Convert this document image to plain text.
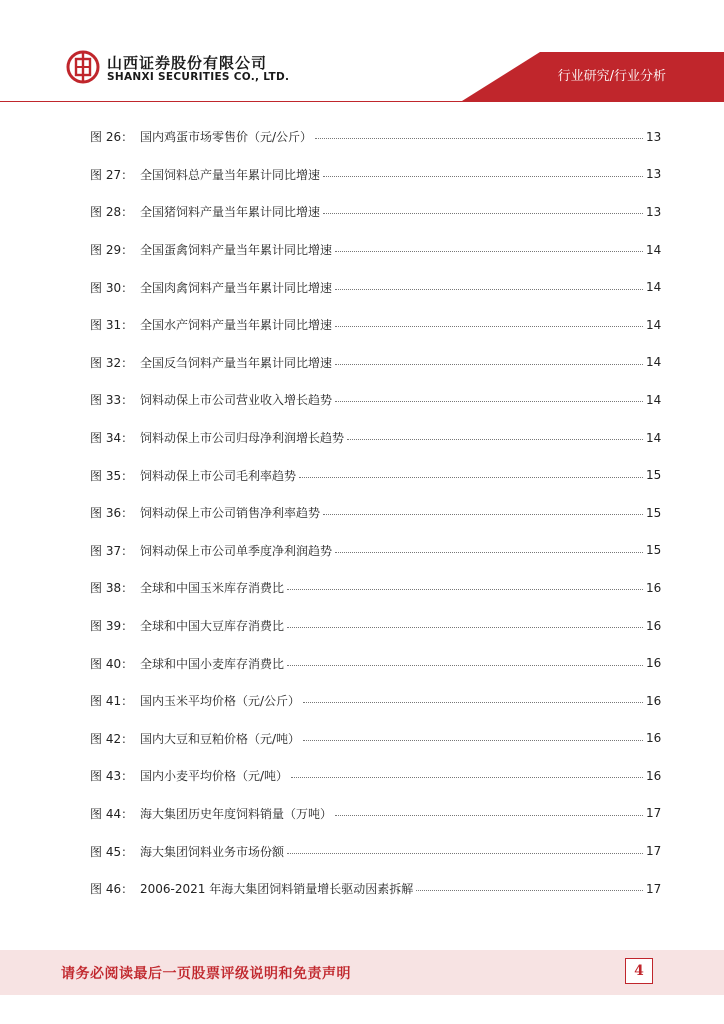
山西证券股份有限公司
SHANXI SECURITIES CO., LTD.	行业研究/行业分析
图 26： 国内鸡蛋市场零售价（元/公斤）	13
图 27： 全国饲料总产量当年累计同比增速	13
图 28： 全国猪饲料产量当年累计同比增速	13
图 29： 全国蛋禽饲料产量当年累计同比增速	14
图 30： 全国肉禽饲料产量当年累计同比增速	14
图 31： 全国水产饲料产量当年累计同比增速	14
图 32： 全国反刍饲料产量当年累计同比增速	14
图 33： 饲料动保上市公司营业收入增长趋势	14
图 34： 饲料动保上市公司归母净利润增长趋势	14
图 35： 饲料动保上市公司毛利率趋势	15
图 36： 饲料动保上市公司销售净利率趋势	15
图 37： 饲料动保上市公司单季度净利润趋势	15
图 38： 全球和中国玉米库存消费比	16
图 39： 全球和中国大豆库存消费比	16
图 40： 全球和中国小麦库存消费比	16
图 41： 国内玉米平均价格（元/公斤）	16
图 42： 国内大豆和豆粕价格（元/吨）	16
图 43： 国内小麦平均价格（元/吨）	16
图 44： 海大集团历史年度饲料销量（万吨）	17
图 45： 海大集团饲料业务市场份额	17
图 46： 2006-2021 年海大集团饲料销量增长驱动因素拆解	17
请务必阅读最后一页股票评级说明和免责声明	4
